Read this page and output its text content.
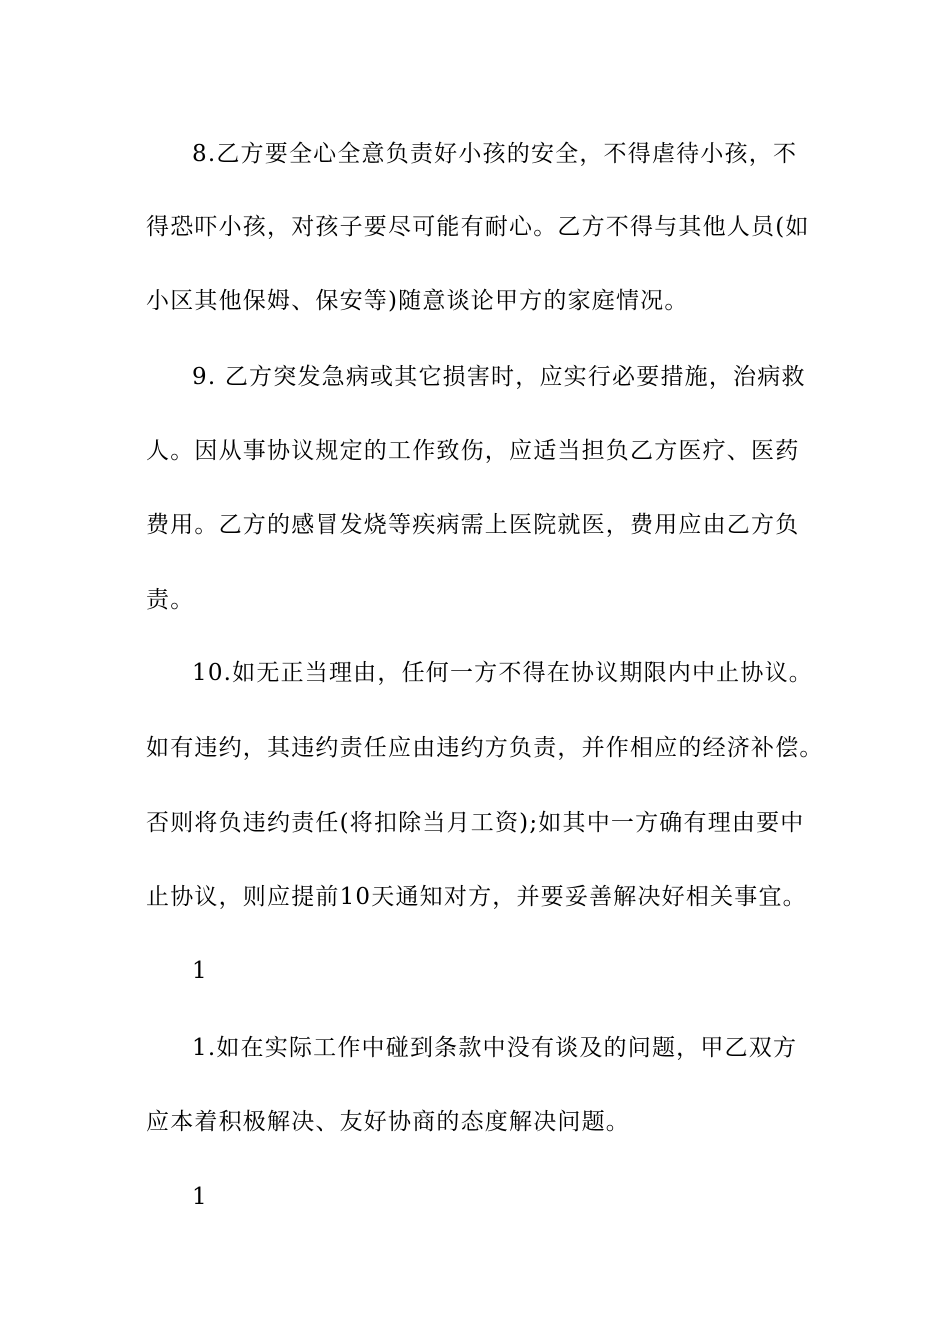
8.乙方要全心全意负责好小孩的安全，不得虐待小孩，不
得恐吓小孩，对孩子要尽可能有耐心。乙方不得与其他人员(如
小区其他保姆、保安等)随意谈论甲方的家庭情况。
9. 乙方突发急病或其它损害时，应实行必要措施，治病救
人。因从事协议规定的工作致伤，应适当担负乙方医疗、医药
费用。乙方的感冒发烧等疾病需上医院就医，费用应由乙方负
责。
10.如无正当理由，任何一方不得在协议期限内中止协议。
如有违约，其违约责任应由违约方负责，并作相应的经济补偿。
否则将负违约责任(将扣除当月工资);如其中一方确有理由要中
止协议，则应提前10天通知对方，并要妥善解决好相关事宜。
1
1.如在实际工作中碰到条款中没有谈及的问题，甲乙双方
应本着积极解决、友好协商的态度解决问题。
1
